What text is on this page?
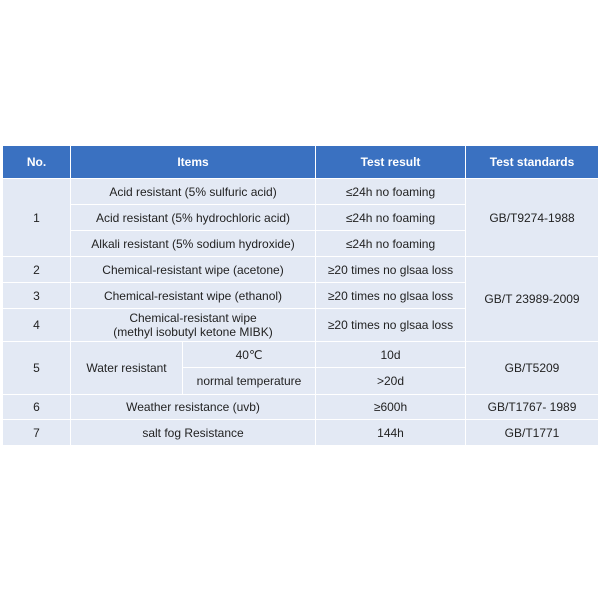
No.	Items		Test result	Test standards
1	Acid resistant (5% sulfuric acid)		≤24h no foaming	GB/T9274-1988
	Acid resistant (5% hydrochloric acid)		≤24h no foaming	
	Alkali resistant (5% sodium hydroxide)		≤24h no foaming	
2	Chemical-resistant wipe (acetone)		≥20 times no glsaa loss	GB/T 23989-2009
3	Chemical-resistant wipe (ethanol)		≥20 times no glsaa loss	
4	Chemical-resistant wipe
(methyl isobutyl ketone MIBK)		≥20 times no glsaa loss	
5	Water resistant	40℃	10d	GB/T5209
		normal temperature	>20d	
6	Weather resistance (uvb)		≥600h	GB/T1767- 1989
7	salt fog Resistance		144h	GB/T1771
